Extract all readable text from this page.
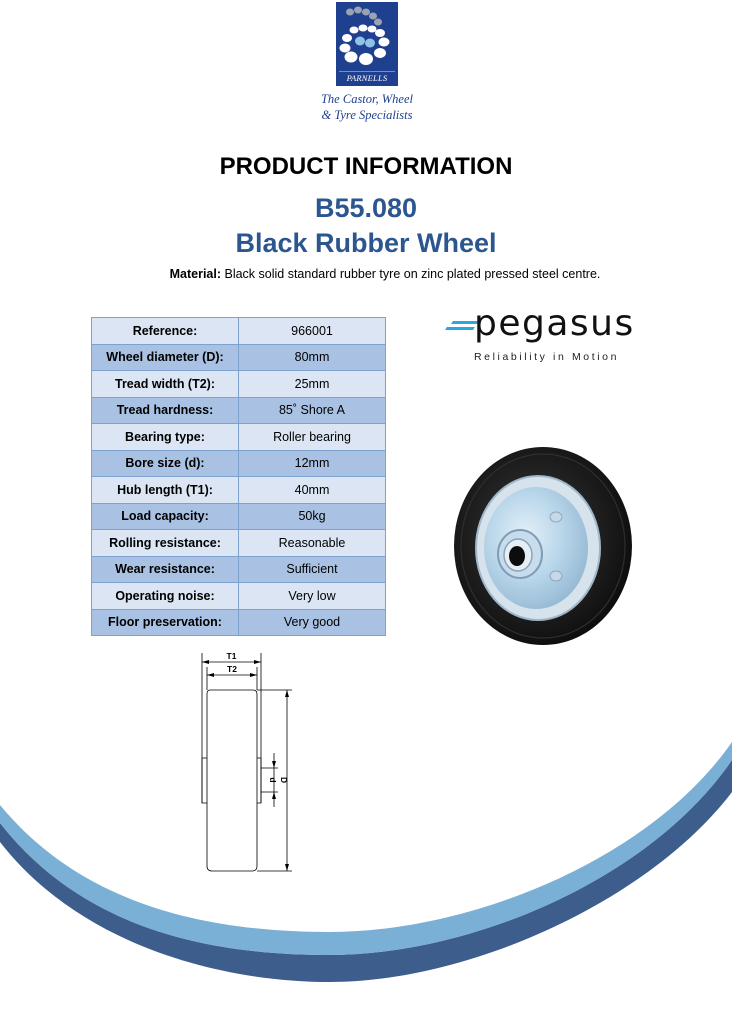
PARNELLS
The Castor, Wheel
& Tyre Specialists
PRODUCT INFORMATION
B55.080
Black Rubber Wheel
Material: Black solid standard rubber tyre on zinc plated pressed steel centre.
Reference:	966001
Wheel diameter (D):	80mm
Tread width (T2):	25mm
Tread hardness:	85˚ Shore A
Bearing type:	Roller bearing
Bore size (d):	12mm
Hub length (T1):	40mm
Load capacity:	50kg
Rolling resistance:	Reasonable
Wear resistance:	Sufficient
Operating noise:	Very low
Floor preservation:	Very good
pegasus
Reliability in Motion
T1
T2
d D
